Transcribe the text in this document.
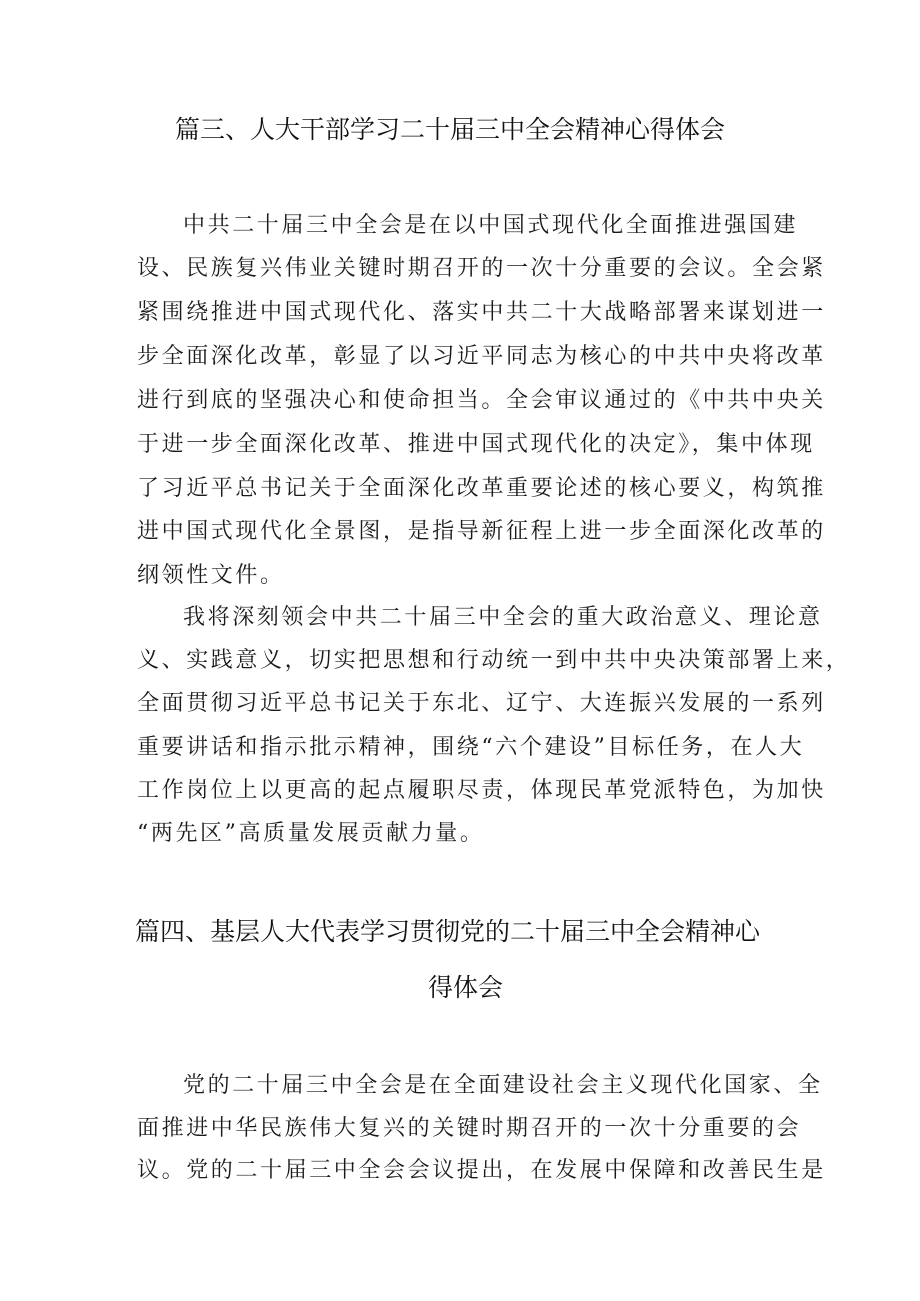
篇三、人大干部学习二十届三中全会精神心得体会
中共二十届三中全会是在以中国式现代化全面推进强国建
设、民族复兴伟业关键时期召开的一次十分重要的会议。全会紧
紧围绕推进中国式现代化、落实中共二十大战略部署来谋划进一
步全面深化改革，彰显了以习近平同志为核心的中共中央将改革
进行到底的坚强决心和使命担当。全会审议通过的《中共中央关
于进一步全面深化改革、推进中国式现代化的决定》，集中体现
了习近平总书记关于全面深化改革重要论述的核心要义，构筑推
进中国式现代化全景图，是指导新征程上进一步全面深化改革的
纲领性文件。
我将深刻领会中共二十届三中全会的重大政治意义、理论意
义、实践意义，切实把思想和行动统一到中共中央决策部署上来，
全面贯彻习近平总书记关于东北、辽宁、大连振兴发展的一系列
重要讲话和指示批示精神，围绕“六个建设”目标任务，在人大
工作岗位上以更高的起点履职尽责，体现民革党派特色，为加快
“两先区”高质量发展贡献力量。
篇四、基层人大代表学习贯彻党的二十届三中全会精神心
得体会
党的二十届三中全会是在全面建设社会主义现代化国家、全
面推进中华民族伟大复兴的关键时期召开的一次十分重要的会
议。党的二十届三中全会会议提出，在发展中保障和改善民生是
